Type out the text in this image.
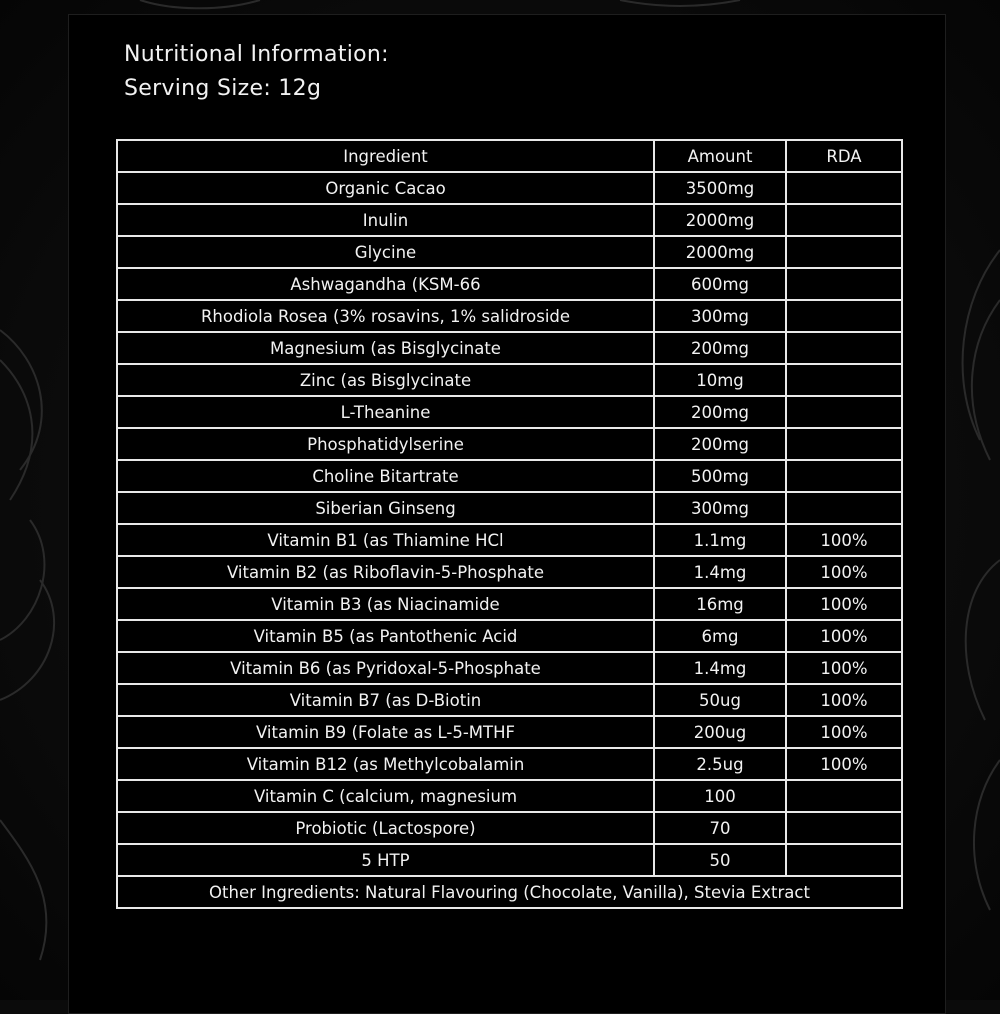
Nutritional Information:
Serving Size: 12g
Ingredient	Amount	RDA
Organic Cacao	3500mg	
Inulin	2000mg	
Glycine	2000mg	
Ashwagandha (KSM-66	600mg	
Rhodiola Rosea (3% rosavins, 1% salidroside	300mg	
Magnesium (as Bisglycinate	200mg	
Zinc (as Bisglycinate	10mg	
L-Theanine	200mg	
Phosphatidylserine	200mg	
Choline Bitartrate	500mg	
Siberian Ginseng	300mg	
Vitamin B1 (as Thiamine HCl	1.1mg	100%
Vitamin B2 (as Riboflavin-5-Phosphate	1.4mg	100%
Vitamin B3 (as Niacinamide	16mg	100%
Vitamin B5 (as Pantothenic Acid	6mg	100%
Vitamin B6 (as Pyridoxal-5-Phosphate	1.4mg	100%
Vitamin B7 (as D-Biotin	50ug	100%
Vitamin B9 (Folate as L-5-MTHF	200ug	100%
Vitamin B12 (as Methylcobalamin	2.5ug	100%
Vitamin C (calcium, magnesium	100	
Probiotic (Lactospore)	70	
5 HTP	50	
Other Ingredients: Natural Flavouring (Chocolate, Vanilla), Stevia Extract		
